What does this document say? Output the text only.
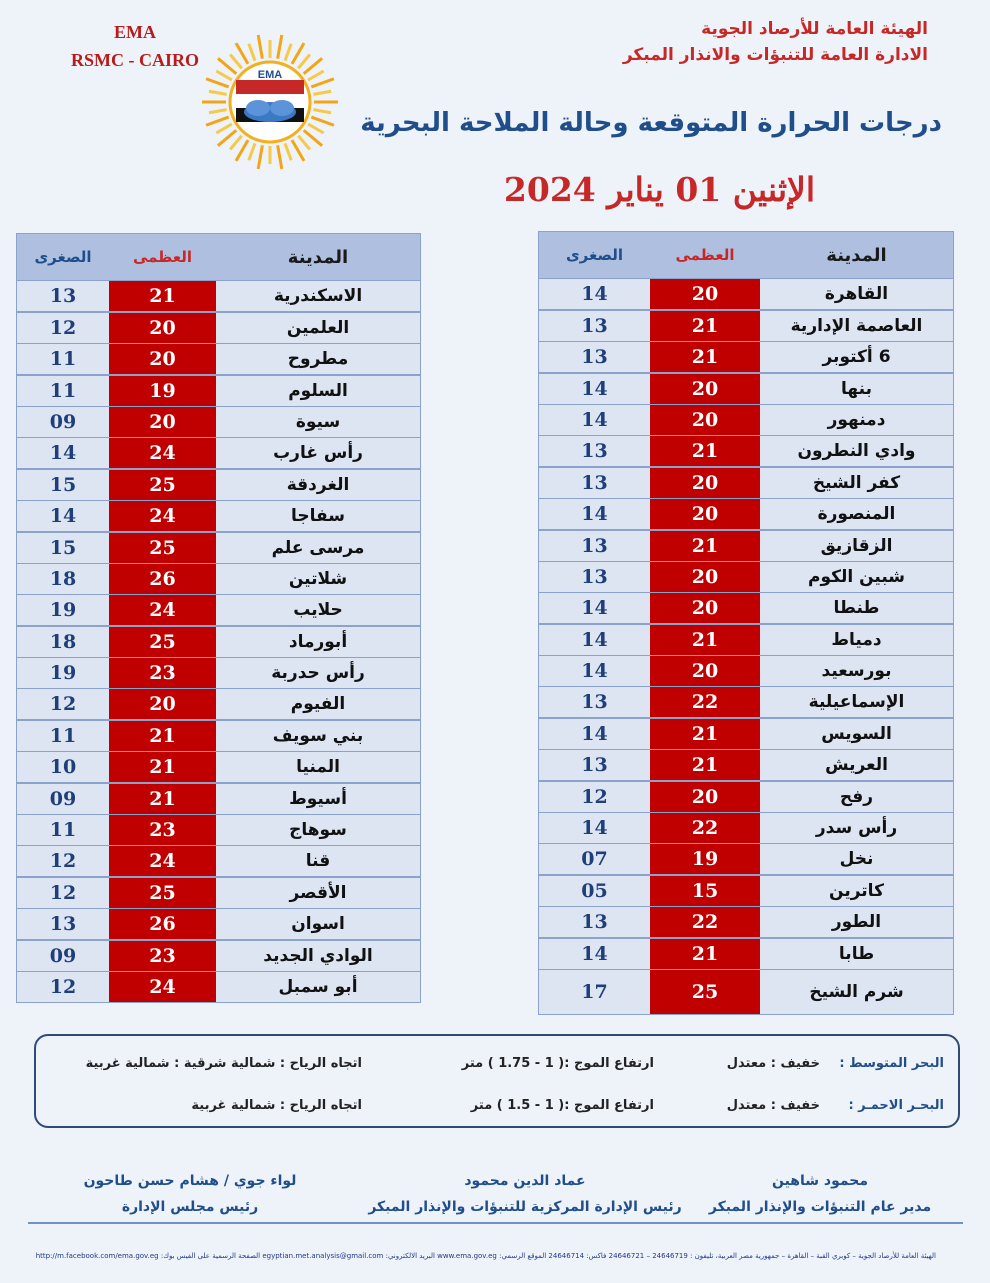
EMA
RSMC - CAIRO
EMA
الهيئة العامة للأرصاد الجوية
الادارة العامة للتنبؤات والانذار المبكر
درجات الحرارة المتوقعة وحالة الملاحة البحرية
الإثنين 01 يناير 2024
الصغرى	العظمى	المدينة
14	20	القاهرة
13	21	العاصمة الإدارية
13	21	6 أكتوبر
14	20	بنها
14	20	دمنهور
13	21	وادي النطرون
13	20	كفر الشيخ
14	20	المنصورة
13	21	الزقازيق
13	20	شبين الكوم
14	20	طنطا
14	21	دمياط
14	20	بورسعيد
13	22	الإسماعيلية
14	21	السويس
13	21	العريش
12	20	رفح
14	22	رأس سدر
07	19	نخل
05	15	كاترين
13	22	الطور
14	21	طابا
17	25	شرم الشيخ
الصغرى	العظمى	المدينة
13	21	الاسكندرية
12	20	العلمين
11	20	مطروح
11	19	السلوم
09	20	سيوة
14	24	رأس غارب
15	25	الغردقة
14	24	سفاجا
15	25	مرسى علم
18	26	شلاتين
19	24	حلايب
18	25	أبورماد
19	23	رأس حدربة
12	20	الفيوم
11	21	بني سويف
10	21	المنيا
09	21	أسيوط
11	23	سوهاج
12	24	قنا
12	25	الأقصر
13	26	اسوان
09	23	الوادي الجديد
12	24	أبو سمبل
البحر المتوسط :
خفيف : معتدل
ارتفاع الموج :( 1 - 1.75 ) متر
اتجاه الرياح : شمالية شرقية : شمالية غربية
البحـر الاحمـر :
خفيف : معتدل
ارتفاع الموج :( 1 - 1.5 ) متر
اتجاه الرياح : شمالية غربية
محمود شاهين
مدير عام التنبؤات والإنذار المبكر
عماد الدين محمود
رئيس الإدارة المركزية للتنبؤات والإنذار المبكر
لواء جوي / هشام حسن طاحون
رئيس مجلس الإدارة
الهيئة العامة للأرصاد الجوية – كوبري القبة – القاهرة – جمهورية مصر العربية، تليفون : 24646719 – 24646721 فاكس: 24646714 الموقع الرسمي: www.ema.gov.eg البريد الالكتروني: egyptian.met.analysis@gmail.com الصفحة الرسمية على الفيس بوك: http://m.facebook.com/ema.gov.eg
